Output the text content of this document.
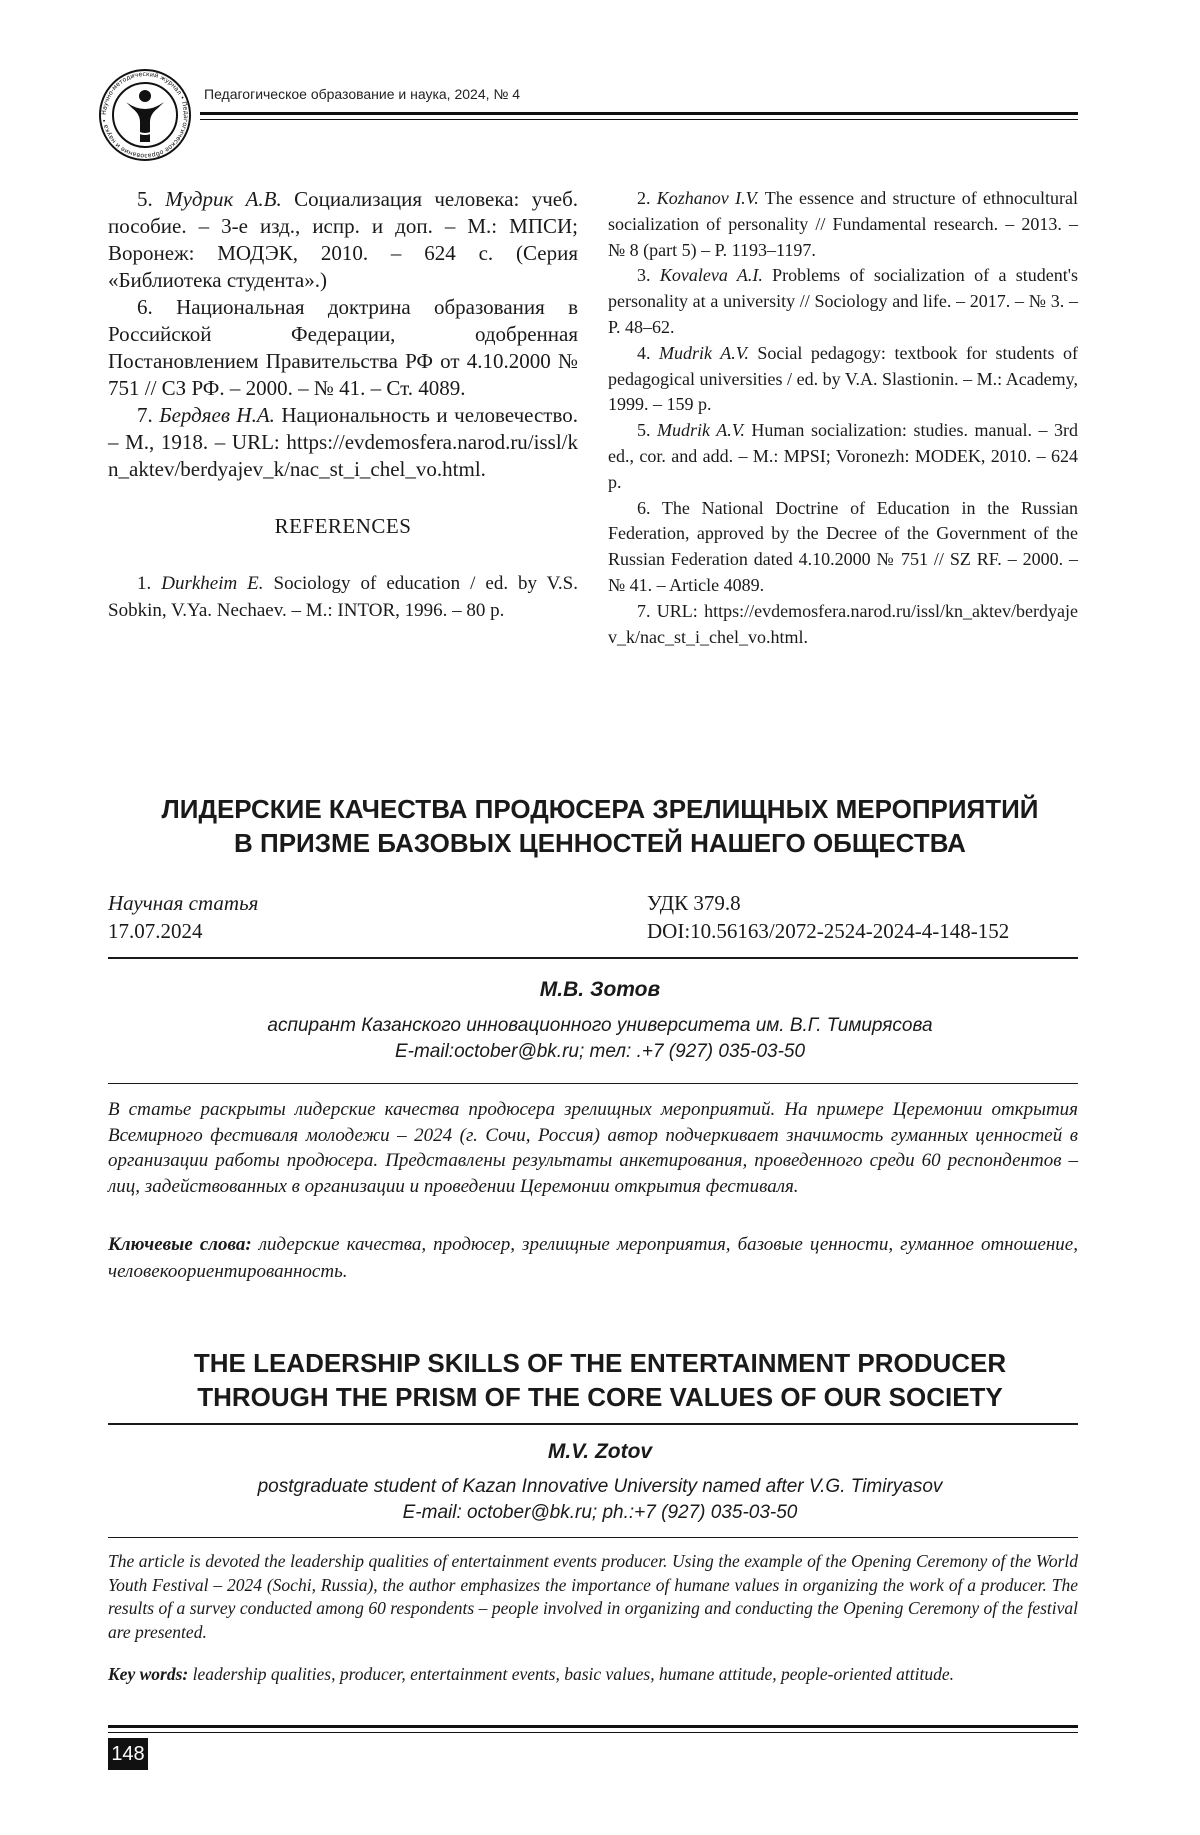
Научно-методический журнал • Педагогическое образование и наука •
Педагогическое образование и наука, 2024, № 4

5. Мудрик А.В. Социализация человека: учеб. пособие. – 3-е изд., испр. и доп. – М.: МПСИ; Воронеж: МОДЭК, 2010. – 624 с. (Серия «Библиотека студента».)

6. Национальная доктрина образования в Российской Федерации, одобренная Постановлением Правительства РФ от 4.10.2000 № 751 // СЗ РФ. – 2000. – № 41. – Ст. 4089.

7. Бердяев Н.А. Национальность и человечество. – М., 1918. – URL: https://evdemosfera.narod.ru/issl/kn_aktev/berdyajev_k/nac_st_i_chel_vo.html.

REFERENCES

1. Durkheim E. Sociology of education / ed. by V.S. Sobkin, V.Ya. Nechaev. – M.: INTOR, 1996. – 80 p.

2. Kozhanov I.V. The essence and structure of ethnocultural socialization of personality // Fundamental research. – 2013. – № 8 (part 5) – P. 1193–1197.

3. Kovaleva A.I. Problems of socialization of a student's personality at a university // Sociology and life. – 2017. – № 3. – P. 48–62.

4. Mudrik A.V. Social pedagogy: textbook for students of pedagogical universities / ed. by V.A. Slastionin. – M.: Academy, 1999. – 159 p.

5. Mudrik A.V. Human socialization: studies. manual. – 3rd ed., cor. and add. – M.: MPSI; Voronezh: MODEK, 2010. – 624 p.

6. The National Doctrine of Education in the Russian Federation, approved by the Decree of the Government of the Russian Federation dated 4.10.2000 № 751 // SZ RF. – 2000. – № 41. – Article 4089.

7. URL: https://evdemosfera.narod.ru/issl/kn_aktev/berdyajev_k/nac_st_i_chel_vo.html.

ЛИДЕРСКИЕ КАЧЕСТВА ПРОДЮСЕРА ЗРЕЛИЩНЫХ МЕРОПРИЯТИЙ
В ПРИЗМЕ БАЗОВЫХ ЦЕННОСТЕЙ НАШЕГО ОБЩЕСТВА
Научная статья
17.07.2024
УДК 379.8
DOI:10.56163/2072-2524-2024-4-148-152
М.В. Зотов
аспирант Казанского инновационного университета им. В.Г. Тимирясова
E-mail:october@bk.ru; тел: .+7 (927) 035-03-50

В статье раскрыты лидерские качества продюсера зрелищных мероприятий. На примере Церемонии открытия Всемирного фестиваля молодежи – 2024 (г. Сочи, Россия) автор подчеркивает значимость гуманных ценностей в организации работы продюсера. Представлены результаты анкетирования, проведенного среди 60 респондентов – лиц, задействованных в организации и проведении Церемонии открытия фестиваля.

Ключевые слова: лидерские качества, продюсер, зрелищные мероприятия, базовые ценности, гуманное отношение, человекоориентированность.

THE LEADERSHIP SKILLS OF THE ENTERTAINMENT PRODUCER
THROUGH THE PRISM OF THE CORE VALUES OF OUR SOCIETY
M.V. Zotov
postgraduate student of Kazan Innovative University named after V.G. Timiryasov
E-mail: october@bk.ru; ph.:+7 (927) 035-03-50

The article is devoted the leadership qualities of entertainment events producer. Using the example of the Opening Ceremony of the World Youth Festival – 2024 (Sochi, Russia), the author emphasizes the importance of humane values in organizing the work of a producer. The results of a survey conducted among 60 respondents – people involved in organizing and conducting the Opening Ceremony of the festival are presented.

Key words: leadership qualities, producer, entertainment events, basic values, humane attitude, people-oriented attitude.

148
